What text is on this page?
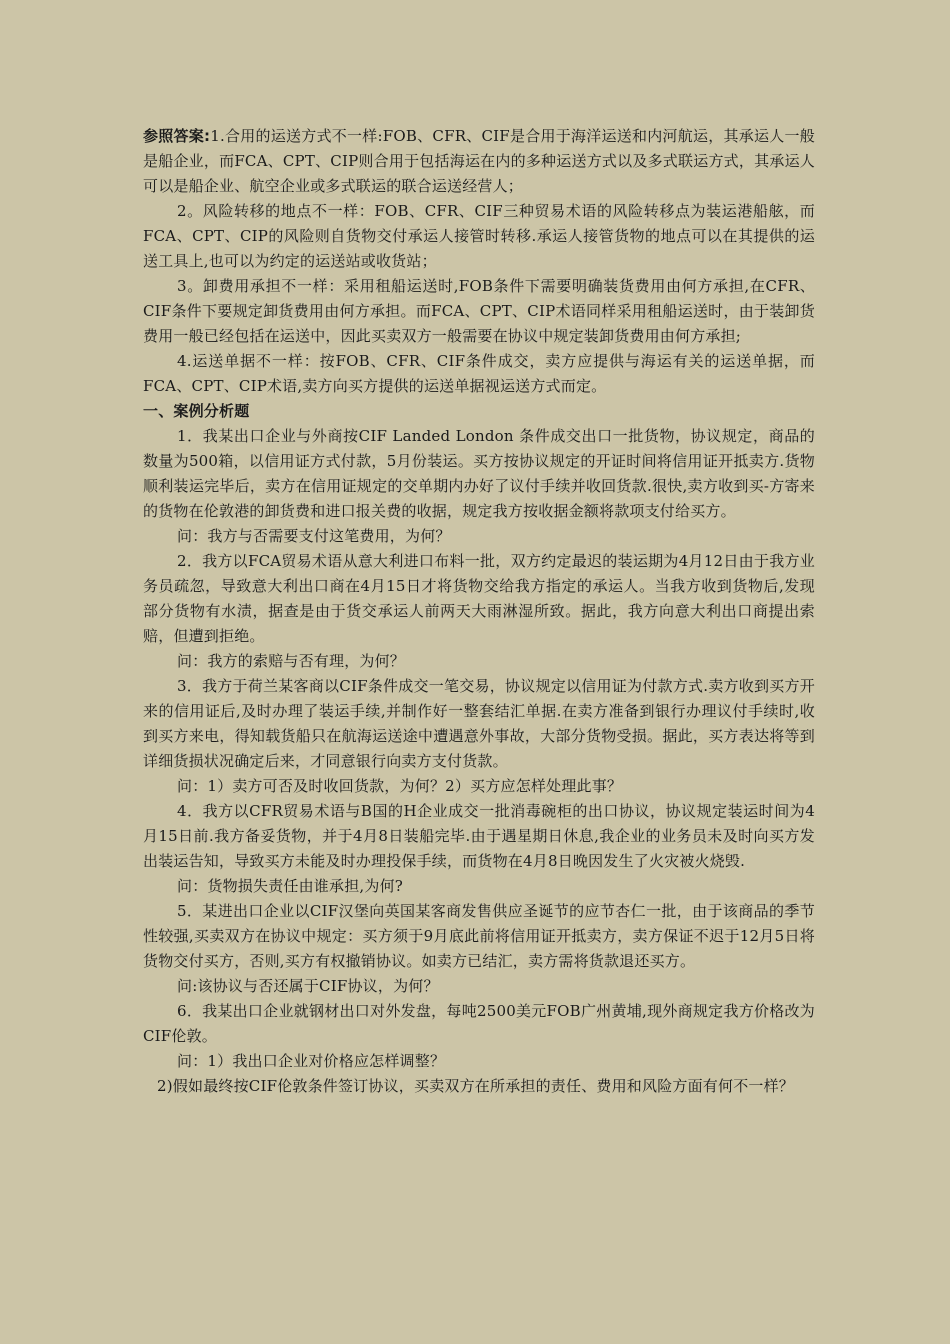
参照答案:1.合用的运送方式不一样:FOB、CFR、CIF是合用于海洋运送和内河航运，其承运人一般是船企业，而FCA、CPT、CIP则合用于包括海运在内的多种运送方式以及多式联运方式，其承运人可以是船企业、航空企业或多式联运的联合运送经营人；

2。风险转移的地点不一样：FOB、CFR、CIF三种贸易术语的风险转移点为装运港船舷，而FCA、CPT、CIP的风险则自货物交付承运人接管时转移.承运人接管货物的地点可以在其提供的运送工具上,也可以为约定的运送站或收货站；

3。卸费用承担不一样：采用租船运送时,FOB条件下需要明确装货费用由何方承担,在CFR、CIF条件下要规定卸货费用由何方承担。而FCA、CPT、CIP术语同样采用租船运送时，由于装卸货费用一般已经包括在运送中，因此买卖双方一般需要在协议中规定装卸货费用由何方承担;

4.运送单据不一样：按FOB、CFR、CIF条件成交，卖方应提供与海运有关的运送单据，而FCA、CPT、CIP术语,卖方向买方提供的运送单据视运送方式而定。

一、案例分析题

1．我某出口企业与外商按CIF Landed London 条件成交出口一批货物，协议规定，商品的数量为500箱，以信用证方式付款，5月份装运。买方按协议规定的开证时间将信用证开抵卖方.货物顺利装运完毕后，卖方在信用证规定的交单期内办好了议付手续并收回货款.很快,卖方收到买-方寄来的货物在伦敦港的卸货费和进口报关费的收据，规定我方按收据金额将款项支付给买方。

问：我方与否需要支付这笔费用，为何？

2．我方以FCA贸易术语从意大利进口布料一批，双方约定最迟的装运期为4月12日由于我方业务员疏忽，导致意大利出口商在4月15日才将货物交给我方指定的承运人。当我方收到货物后,发现部分货物有水渍，据查是由于货交承运人前两天大雨淋湿所致。据此，我方向意大利出口商提出索赔，但遭到拒绝。

问：我方的索赔与否有理，为何？

3．我方于荷兰某客商以CIF条件成交一笔交易，协议规定以信用证为付款方式.卖方收到买方开来的信用证后,及时办理了装运手续,并制作好一整套结汇单据.在卖方准备到银行办理议付手续时,收到买方来电，得知载货船只在航海运送途中遭遇意外事故，大部分货物受损。据此，买方表达将等到详细货损状况确定后来，才同意银行向卖方支付货款。

问：1）卖方可否及时收回货款，为何？2）买方应怎样处理此事？

4．我方以CFR贸易术语与B国的H企业成交一批消毒碗柜的出口协议，协议规定装运时间为4月15日前.我方备妥货物，并于4月8日装船完毕.由于遇星期日休息,我企业的业务员未及时向买方发出装运告知，导致买方未能及时办理投保手续，而货物在4月8日晚因发生了火灾被火烧毁.

问：货物损失责任由谁承担,为何?

5．某进出口企业以CIF汉堡向英国某客商发售供应圣诞节的应节杏仁一批，由于该商品的季节性较强,买卖双方在协议中规定：买方须于9月底此前将信用证开抵卖方，卖方保证不迟于12月5日将货物交付买方，否则,买方有权撤销协议。如卖方已结汇，卖方需将货款退还买方。

问:该协议与否还属于CIF协议，为何？

6．我某出口企业就钢材出口对外发盘，每吨2500美元FOB广州黄埔,现外商规定我方价格改为CIF伦敦。

问：1）我出口企业对价格应怎样调整？

2)假如最终按CIF伦敦条件签订协议，买卖双方在所承担的责任、费用和风险方面有何不一样？
